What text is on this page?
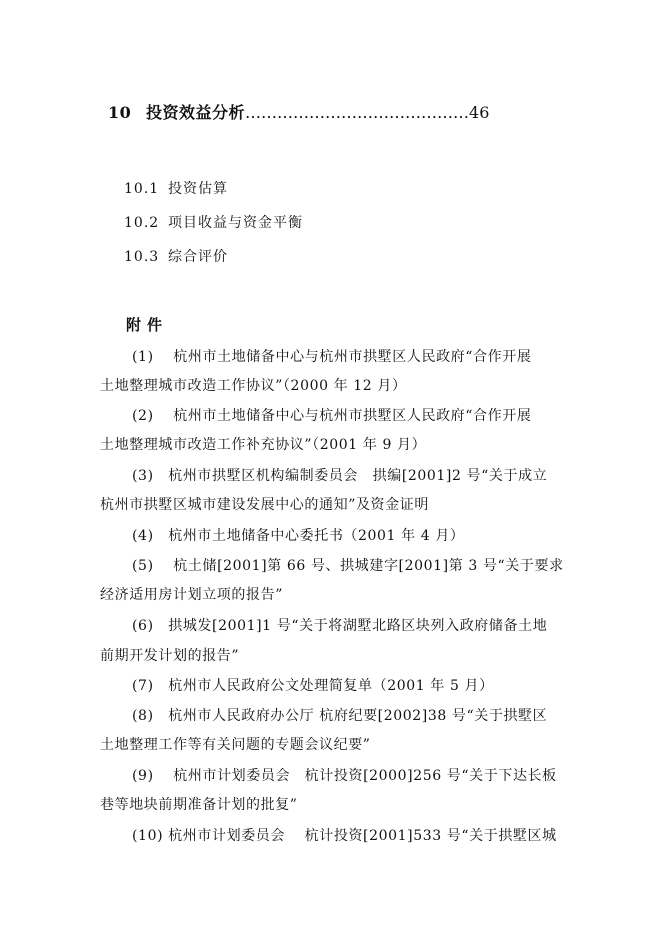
10 投资效益分析……………………………………46
10.1 投资估算
10.2 项目收益与资金平衡
10.3 综合评价
附件
(1)　 杭州市土地储备中心与杭州市拱墅区人民政府“合作开展
土地整理城市改造工作协议”（2000 年 12 月）
(2)　 杭州市土地储备中心与杭州市拱墅区人民政府“合作开展
土地整理城市改造工作补充协议”（2001 年 9 月）
(3)　杭州市拱墅区机构编制委员会　拱编[2001]2 号“关于成立
杭州市拱墅区城市建设发展中心的通知”及资金证明
(4)　杭州市土地储备中心委托书（2001 年 4 月）
(5)　 杭土储[2001]第 66 号、拱城建字[2001]第 3 号“关于要求
经济适用房计划立项的报告”
(6)　拱城发[2001]1 号“关于将湖墅北路区块列入政府储备土地
前期开发计划的报告”
(7)　杭州市人民政府公文处理简复单（2001 年 5 月）
(8)　杭州市人民政府办公厅 杭府纪要[2002]38 号“关于拱墅区
土地整理工作等有关问题的专题会议纪要”
(9)　 杭州市计划委员会　杭计投资[2000]256 号“关于下达长板
巷等地块前期准备计划的批复”
(10) 杭州市计划委员会　 杭计投资[2001]533 号“关于拱墅区城
